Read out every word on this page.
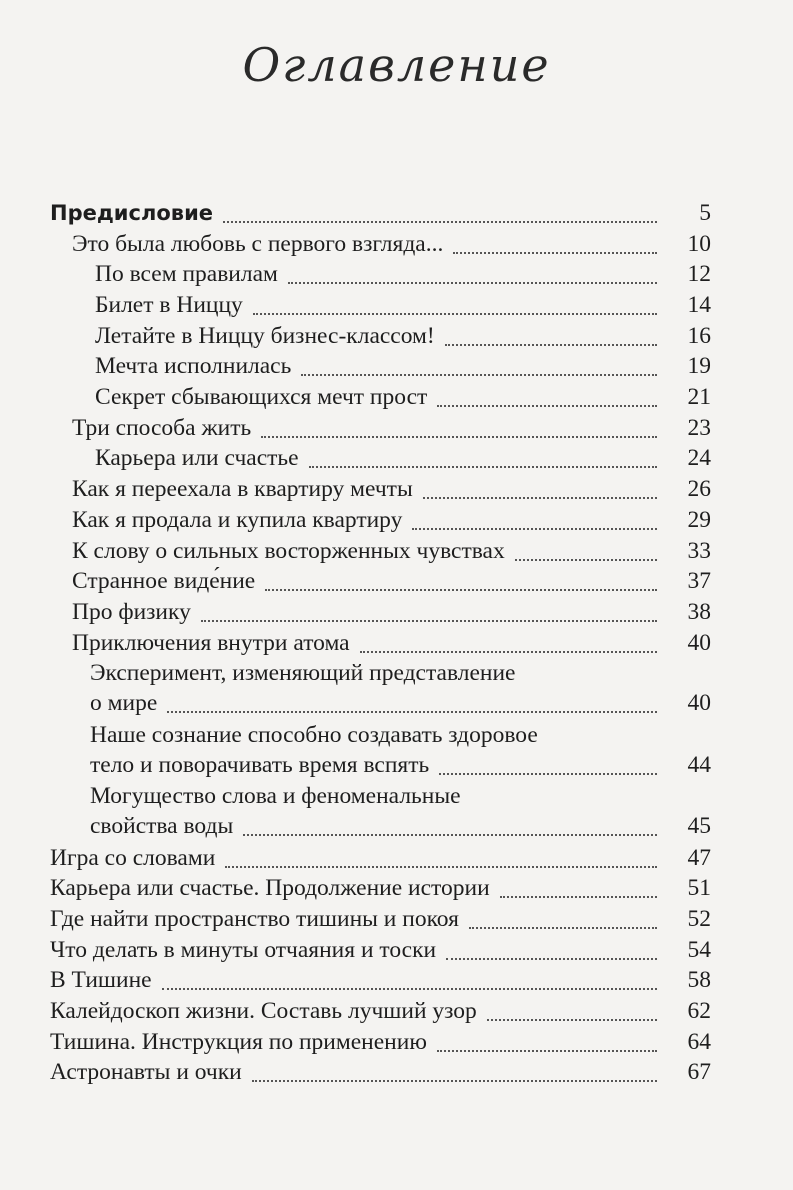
Оглавление
Предисловие	5
Это была любовь с первого взгляда...	10
По всем правилам	12
Билет в Ниццу	14
Летайте в Ниццу бизнес-классом!	16
Мечта исполнилась	19
Секрет сбывающихся мечт прост	21
Три способа жить	23
Карьера или счастье	24
Как я переехала в квартиру мечты	26
Как я продала и купила квартиру	29
К слову о сильных восторженных чувствах	33
Странное виде́ние	37
Про физику	38
Приключения внутри атома	40
Эксперимент, изменяющий представление
о мире	40
Наше сознание способно создавать здоровое
тело и поворачивать время вспять	44
Могущество слова и феноменальные
свойства воды	45
Игра со словами	47
Карьера или счастье. Продолжение истории	51
Где найти пространство тишины и покоя	52
Что делать в минуты отчаяния и тоски	54
В Тишине	58
Калейдоскоп жизни. Составь лучший узор	62
Тишина. Инструкция по применению	64
Астронавты и очки	67
